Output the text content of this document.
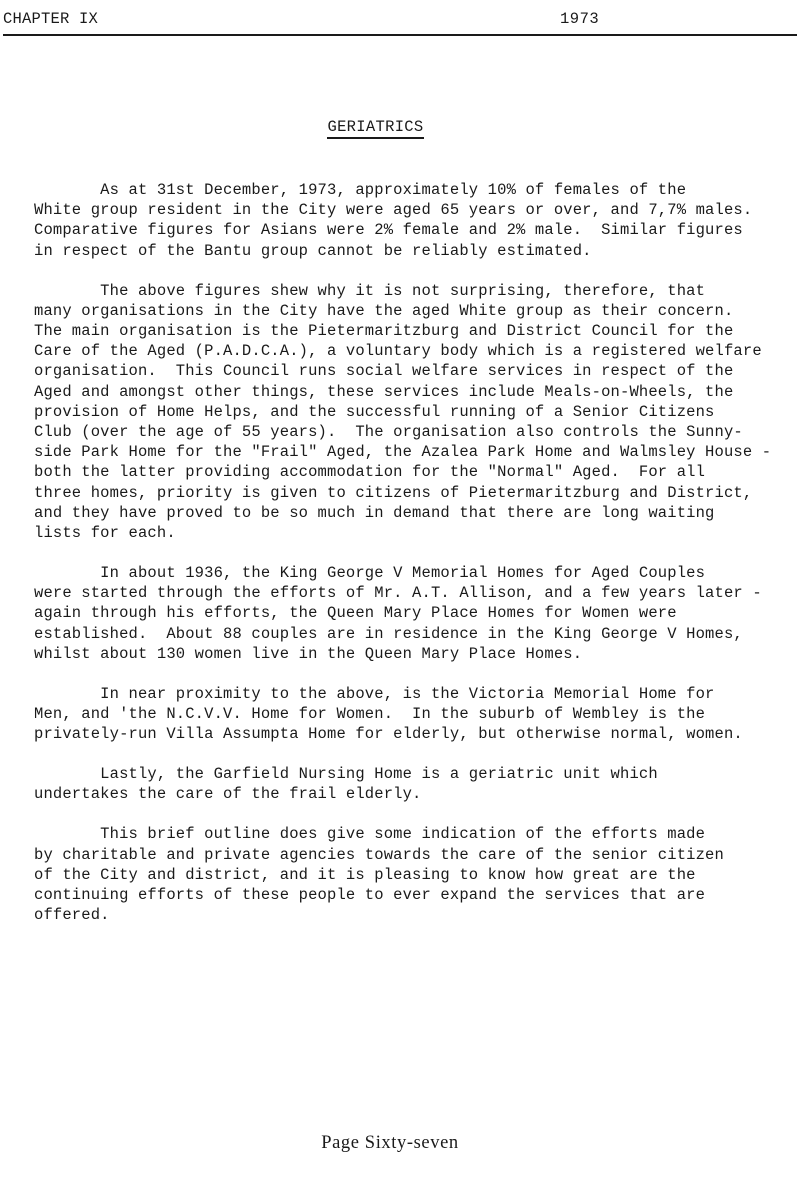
CHAPTER IX	1973
GERIATRICS
As at 31st December, 1973, approximately 10% of females of the
White group resident in the City were aged 65 years or over, and 7,7% males.
Comparative figures for Asians were 2% female and 2% male.  Similar figures
in respect of the Bantu group cannot be reliably estimated.
The above figures shew why it is not surprising, therefore, that
many organisations in the City have the aged White group as their concern.
The main organisation is the Pietermaritzburg and District Council for the
Care of the Aged (P.A.D.C.A.), a voluntary body which is a registered welfare
organisation.  This Council runs social welfare services in respect of the
Aged and amongst other things, these services include Meals-on-Wheels, the
provision of Home Helps, and the successful running of a Senior Citizens
Club (over the age of 55 years).  The organisation also controls the Sunny-
side Park Home for the "Frail" Aged, the Azalea Park Home and Walmsley House -
both the latter providing accommodation for the "Normal" Aged.  For all
three homes, priority is given to citizens of Pietermaritzburg and District,
and they have proved to be so much in demand that there are long waiting
lists for each.
In about 1936, the King George V Memorial Homes for Aged Couples
were started through the efforts of Mr. A.T. Allison, and a few years later -
again through his efforts, the Queen Mary Place Homes for Women were
established.  About 88 couples are in residence in the King George V Homes,
whilst about 130 women live in the Queen Mary Place Homes.
In near proximity to the above, is the Victoria Memorial Home for
Men, and 'the N.C.V.V. Home for Women.  In the suburb of Wembley is the
privately-run Villa Assumpta Home for elderly, but otherwise normal, women.
Lastly, the Garfield Nursing Home is a geriatric unit which
undertakes the care of the frail elderly.
This brief outline does give some indication of the efforts made
by charitable and private agencies towards the care of the senior citizen
of the City and district, and it is pleasing to know how great are the
continuing efforts of these people to ever expand the services that are
offered.
Page Sixty-seven
